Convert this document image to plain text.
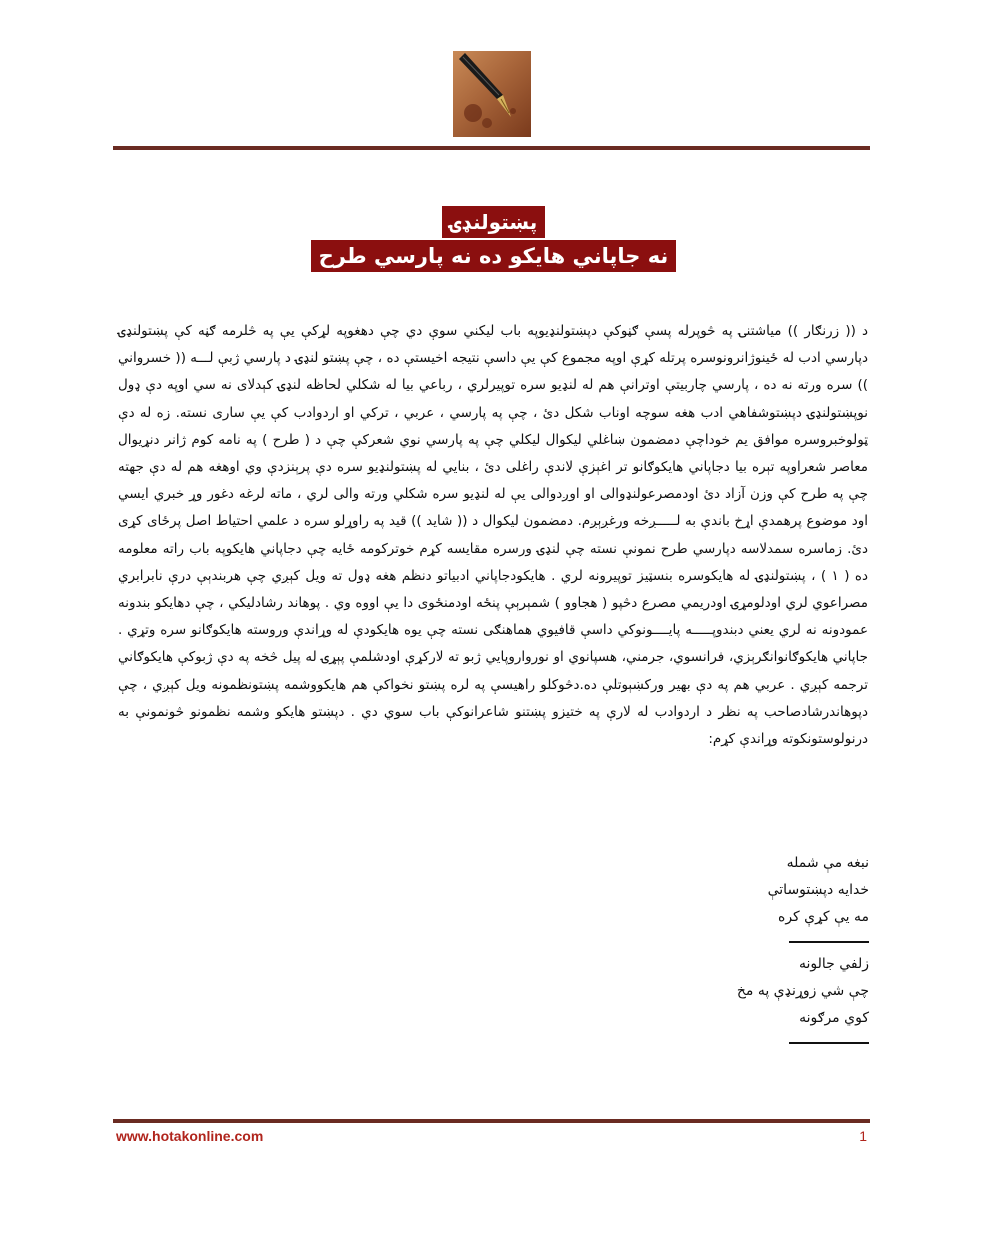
پښتولنډۍ
نه جاپاني هايكو ده نه پارسي طرح
د (( زرنګار )) مياشتنۍ په څوپرله پسې ګڼوکې دپښتولنډيوپه باب ليکني سوې دي چې دهغوپه لړکې يې په څلرمه ګڼه کې پښتولنډۍ دپارسي ادب له ځينوژانرونوسره پرتله کړې اوپه مجموع کې يې داسې نتيجه اخيستې ده ، چې پښتو لنډۍ د پارسي ژبې لـــه (( خسرواني )) سره ورته نه ده ، پارسي چاربيتې اوترانې هم له لنډيو سره توپيرلري ، رباعي بيا له شکلي لحاظه لنډۍ کېدلای نه سي اوپه دې ډول نوپښتولنډۍ دپښتوشفاهي ادب هغه سوچه اوناب شکل دئ ، چې په پارسي ، عربي ، ترکي او اردوادب کې يې ساری نسته. زه له دې ټولوخبروسره موافق يم خوداچې دمضمون ښاغلي ليکوال ليکلي چې په پارسي نوي شعرکې چې د ( طرح ) په نامه کوم ژانر دنړيوال معاصر شعراوپه تېره بيا دجاپاني هايکوګانو تر اغېزې لاندې راغلی دئ ، بنايي له پښتولنډيو سره دې پرېنزدې وي اوهغه هم له دې جهته چې په طرح کې وزن آزاد دئ اودمصرعولنډوالی او اوږدوالی يې له لنډيو سره شکلي ورته والی لري ، ماته لرغه دغور وړ خبري ايسي اود موضوع پرهمدې اړخ باندې به لـــــږخه ورغږېږم. دمضمون ليکوال د (( شايد )) قيد په راوړلو سره د علمي احتياط اصل پرځای کړی دئ. زماسره سمدلاسه دپارسي طرح نمونې نسته چې لنډۍ ورسره مقايسه کړم خوترکومه ځايه چې دجاپاني هايکوپه باب راته معلومه ده ( ۱ ) ، پښتولنډۍ له هايکوسره بنسټيز توپيرونه لري . هايکودجاپاني ادبياتو دنظم هغه ډول ته ويل کېږي چې هربندېې درې نابرابري مصراعوي لري اودلومړۍ اودريمي مصرع دڅپو ( هجاوو ) شمېرېې پنځه اودمنځوی دا يې اووه وي . پوهاند رشادليکي ، چې دهايکو بندونه عمودونه نه لري يعني دبندوپـــــه پايــــونوکي داسې قافيوي هماهنګی نسته چې يوه هايکودې له وړاندې وروسته هايکوګانو سره وتړي . جاپاني هايکوګانوانګرېزي، فرانسوي، جرمني، هسپانوي او نورواروپايي ژبو ته لارکړې اودشلمې پېړۍ له پيل څخه په دې ژبوکې هايکوګاني ترجمه کېږي . عربي هم په دې بهير ورکښېوتلې ده.دڅوکلو راهيسې په لره پښتو نخواکې هم هايکووشمه پښتونظمونه ويل کېږي ، چې دپوهاندرشادصاحب په نظر د اردوادب له لارې په ختيزو پښتنو شاعرانوکې باب سوي دي . دپښتو هايکو وشمه نظمونو څونمونې به درنولوستونکوته وړاندې کړم:
نبغه مې شمله
خدايه دپښتوساتې
مه يې کړې کره
زلفي جالونه
چې شي زوړنډې په مخ
کوي مرګونه
www.hotakonline.com	1
